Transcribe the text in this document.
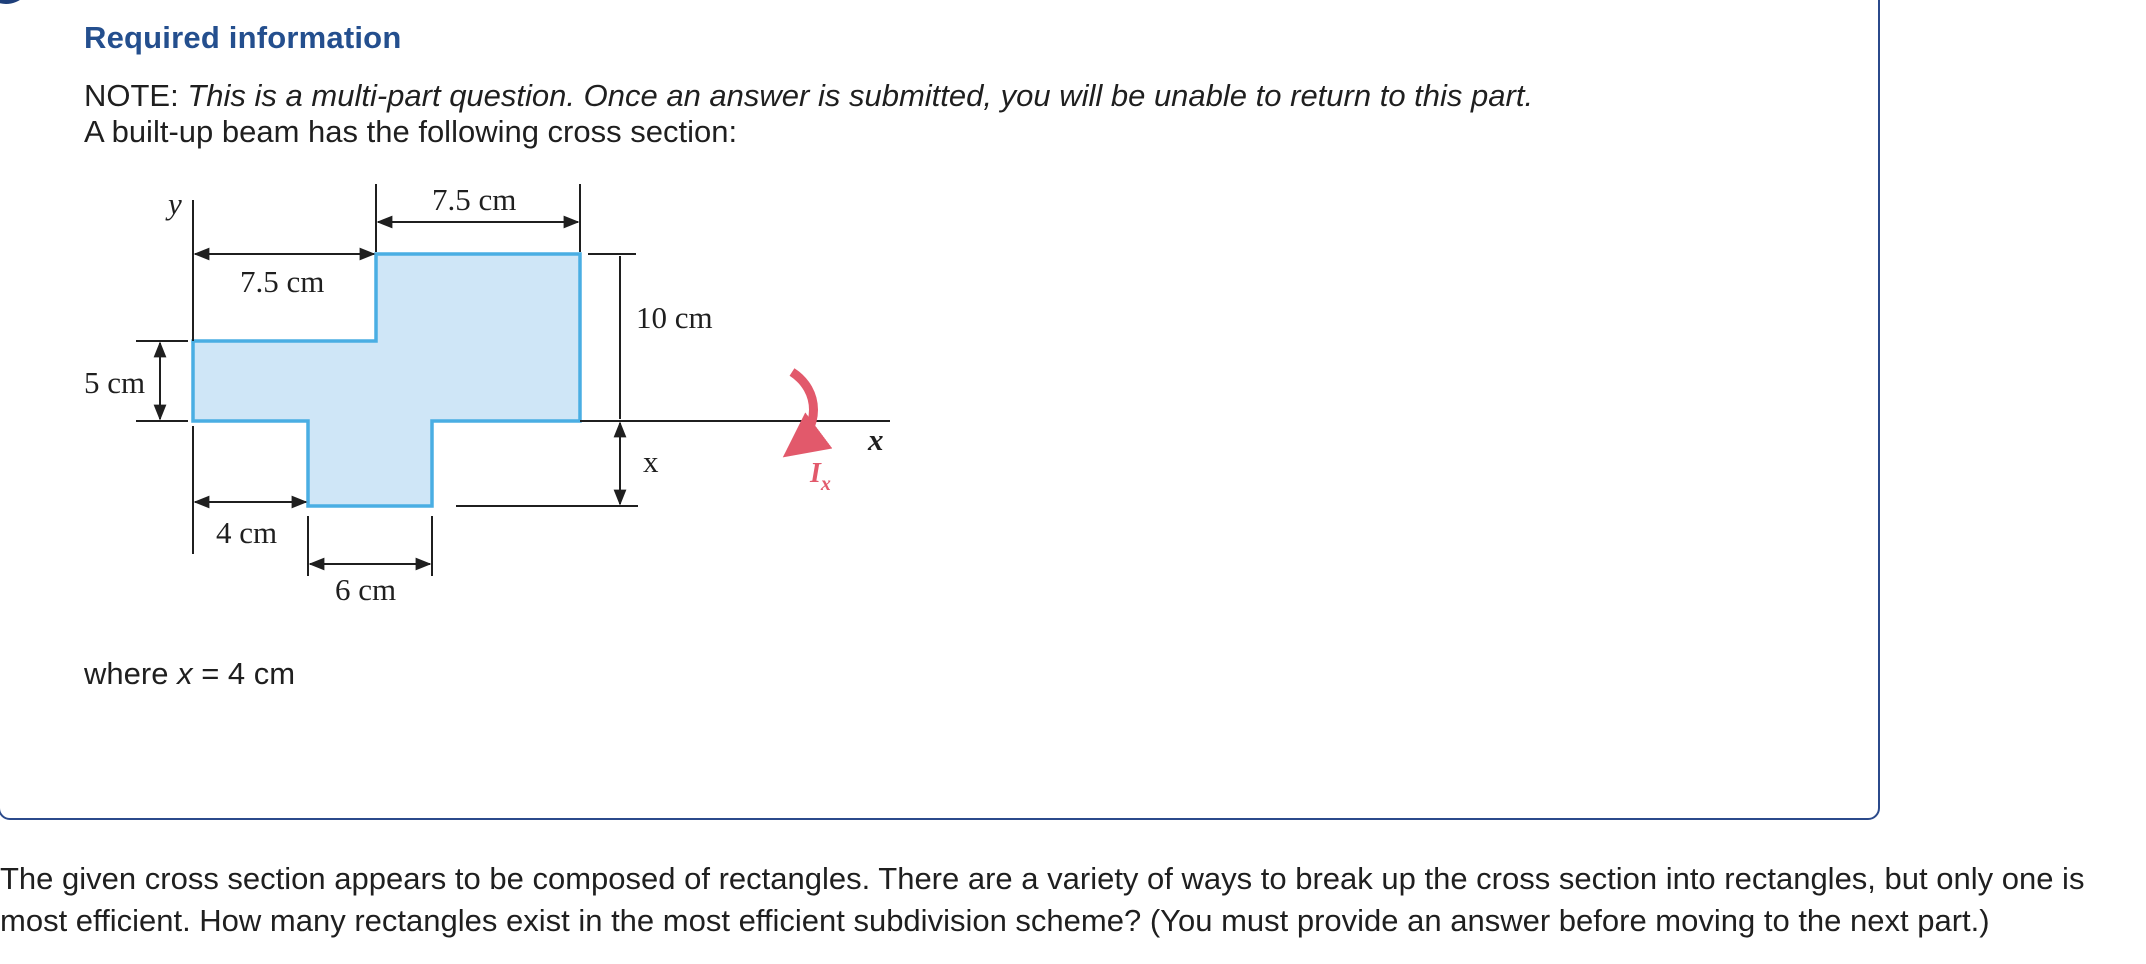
Required information
NOTE: This is a multi-part question. Once an answer is submitted, you will be unable to return to this part.
A built-up beam has the following cross section:
y
x
7.5 cm
7.5 cm
10 cm
x
5 cm
4 cm
6 cm
$I_x$
where x = 4 cm

The given cross section appears to be composed of rectangles. There are a variety of ways to break up the cross section into rectangles, but only one is most efficient. How many rectangles exist in the most efficient subdivision scheme? (You must provide an answer before moving to the next part.)
